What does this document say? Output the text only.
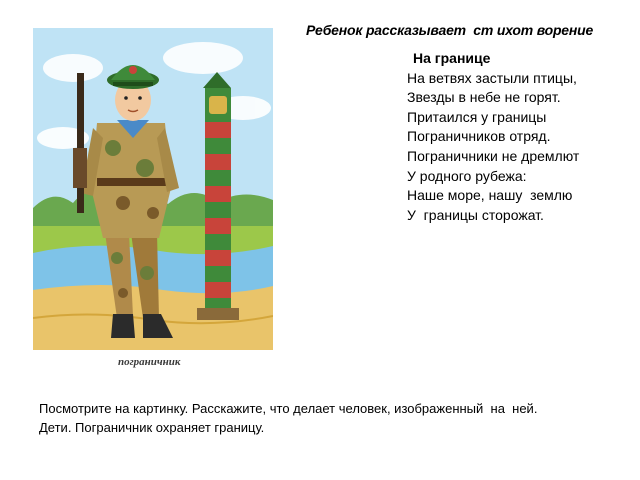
Ребенок рассказывает  ст ихот ворение
На границе
На ветвях застыли птицы,
Звезды в небе не горят.
Притаился у границы
Пограничников отряд.
Пограничники не дремлют
У родного рубежа:
Наше море, нашу  землю
У  границы сторожат.
пограничник
Посмотрите на картинку. Расскажите, что делает человек, изображенный  на  ней.
Дети. Пограничник охраняет границу.
